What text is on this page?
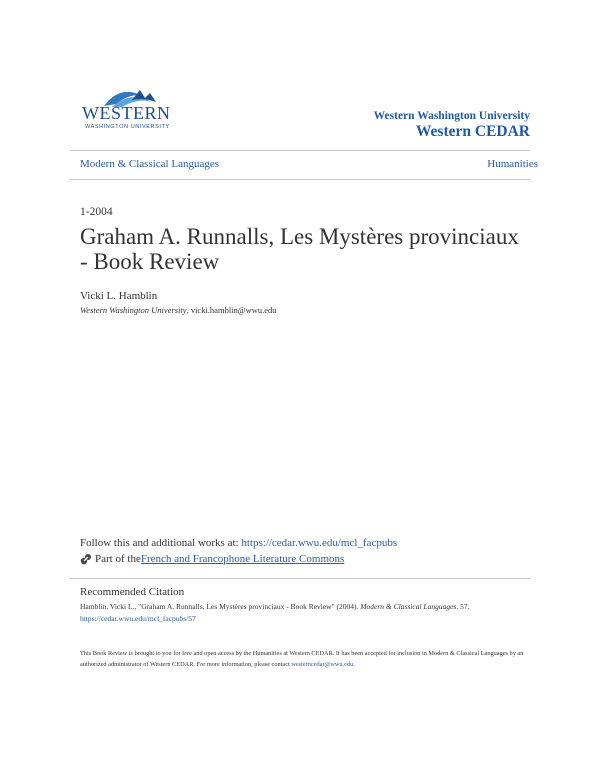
WESTERN
WASHINGTON UNIVERSITY
Western Washington University
Western CEDAR
Modern & Classical Languages	Humanities
1-2004
Graham A. Runnalls, Les Mystères provinciaux - Book Review
Vicki L. Hamblin
Western Washington University, vicki.hamblin@wwu.edu
Follow this and additional works at: https://cedar.wwu.edu/mcl_facpubs
Part of the French and Francophone Literature Commons
Recommended Citation
Hamblin, Vicki L., "Graham A. Runnalls, Les Mystères provinciaux - Book Review" (2004). Modern & Classical Languages. 57.
https://cedar.wwu.edu/mcl_facpubs/57
This Book Review is brought to you for free and open access by the Humanities at Western CEDAR. It has been accepted for inclusion in Modern & Classical Languages by an authorized administrator of Western CEDAR. For more information, please contact westerncedar@wwu.edu.
